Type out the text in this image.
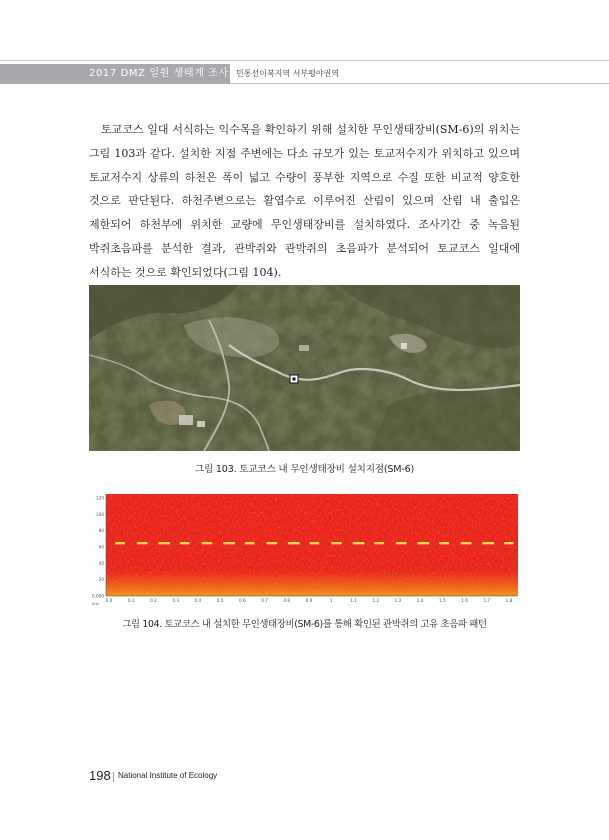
2017 DMZ 일원 생태계 조사 민통선이북지역 서부평야권역

토교코스 일대 서식하는 익수목을 확인하기 위해 설치한 무인생태장비(SM-6)의 위치는 그림 103과 같다. 설치한 지점 주변에는 다소 규모가 있는 토교저수지가 위치하고 있으며 토교저수지 상류의 하천은 폭이 넓고 수량이 풍부한 지역으로 수질 또한 비교적 양호한 것으로 판단된다. 하천주변으로는 활엽수로 이루어진 산림이 있으며 산림 내 출입은 제한되어 하천부에 위치한 교량에 무인생태장비를 설치하였다. 조사기간 중 녹음된 박쥐초음파를 분석한 결과, 관박쥐와 관박쥐의 초음파가 분석되어 토교코스 일대에 서식하는 것으로 확인되었다(그림 104).

그림 103. 토교코스 내 무인생태장비 설치지점(SM-6)

120
100
80
60
40
20
0.000
0.0	0.1	0.2	0.3	0.4	0.5	0.6	0.7	0.8	0.9	1	1.1	1.2	1.3	1.4	1.5	1.6	1.7	1.8
kHz

그림 104. 토교코스 내 설치한 무인생태장비(SM-6)를 통해 확인된 관박쥐의 고유 초음파 패턴

198 National Institute of Ecology
